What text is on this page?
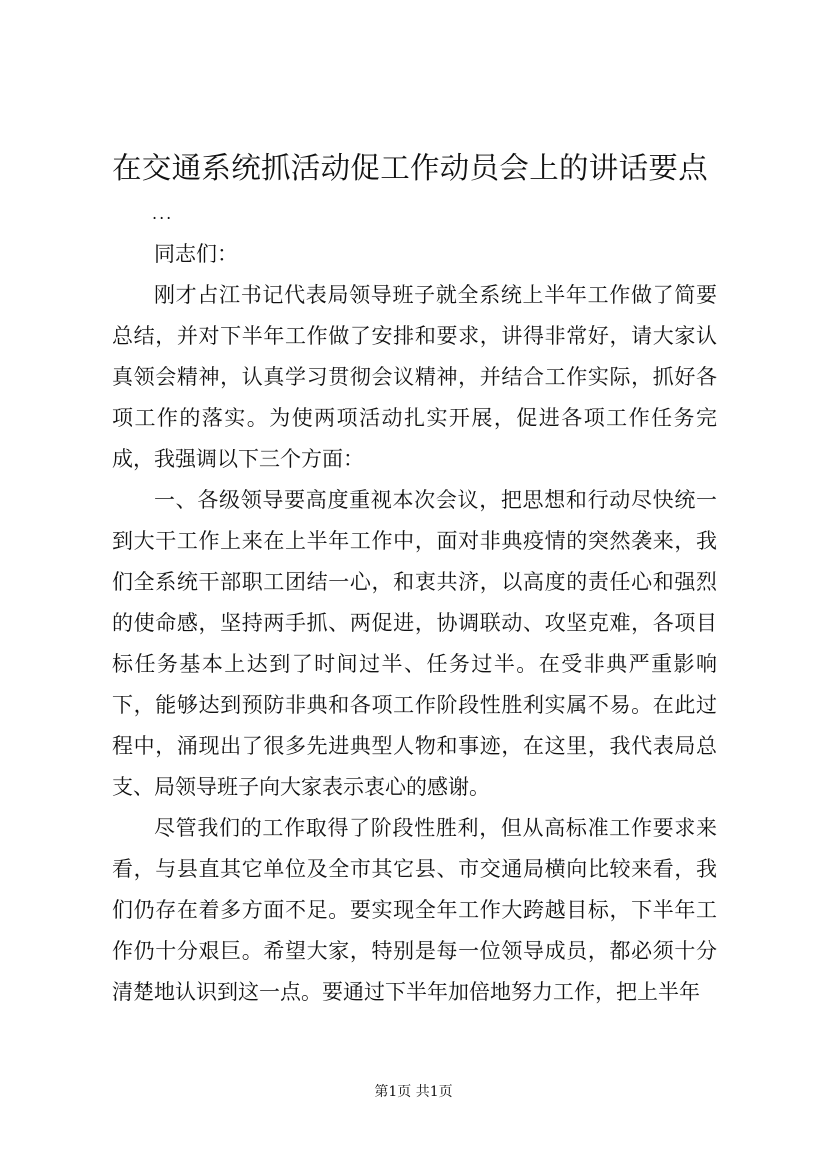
在交通系统抓活动促工作动员会上的讲话要点
...

同志们：

刚才占江书记代表局领导班子就全系统上半年工作做了简要总结，并对下半年工作做了安排和要求，讲得非常好，请大家认真领会精神，认真学习贯彻会议精神，并结合工作实际，抓好各项工作的落实。为使两项活动扎实开展，促进各项工作任务完成，我强调以下三个方面：

一、各级领导要高度重视本次会议，把思想和行动尽快统一到大干工作上来在上半年工作中，面对非典疫情的突然袭来，我们全系统干部职工团结一心，和衷共济，以高度的责任心和强烈的使命感，坚持两手抓、两促进，协调联动、攻坚克难，各项目标任务基本上达到了时间过半、任务过半。在受非典严重影响下，能够达到预防非典和各项工作阶段性胜利实属不易。在此过程中，涌现出了很多先进典型人物和事迹，在这里，我代表局总支、局领导班子向大家表示衷心的感谢。

尽管我们的工作取得了阶段性胜利，但从高标准工作要求来看，与县直其它单位及全市其它县、市交通局横向比较来看，我们仍存在着多方面不足。要实现全年工作大跨越目标，下半年工作仍十分艰巨。希望大家，特别是每一位领导成员，都必须十分清楚地认识到这一点。要通过下半年加倍地努力工作，把上半年

第1页 共1页
